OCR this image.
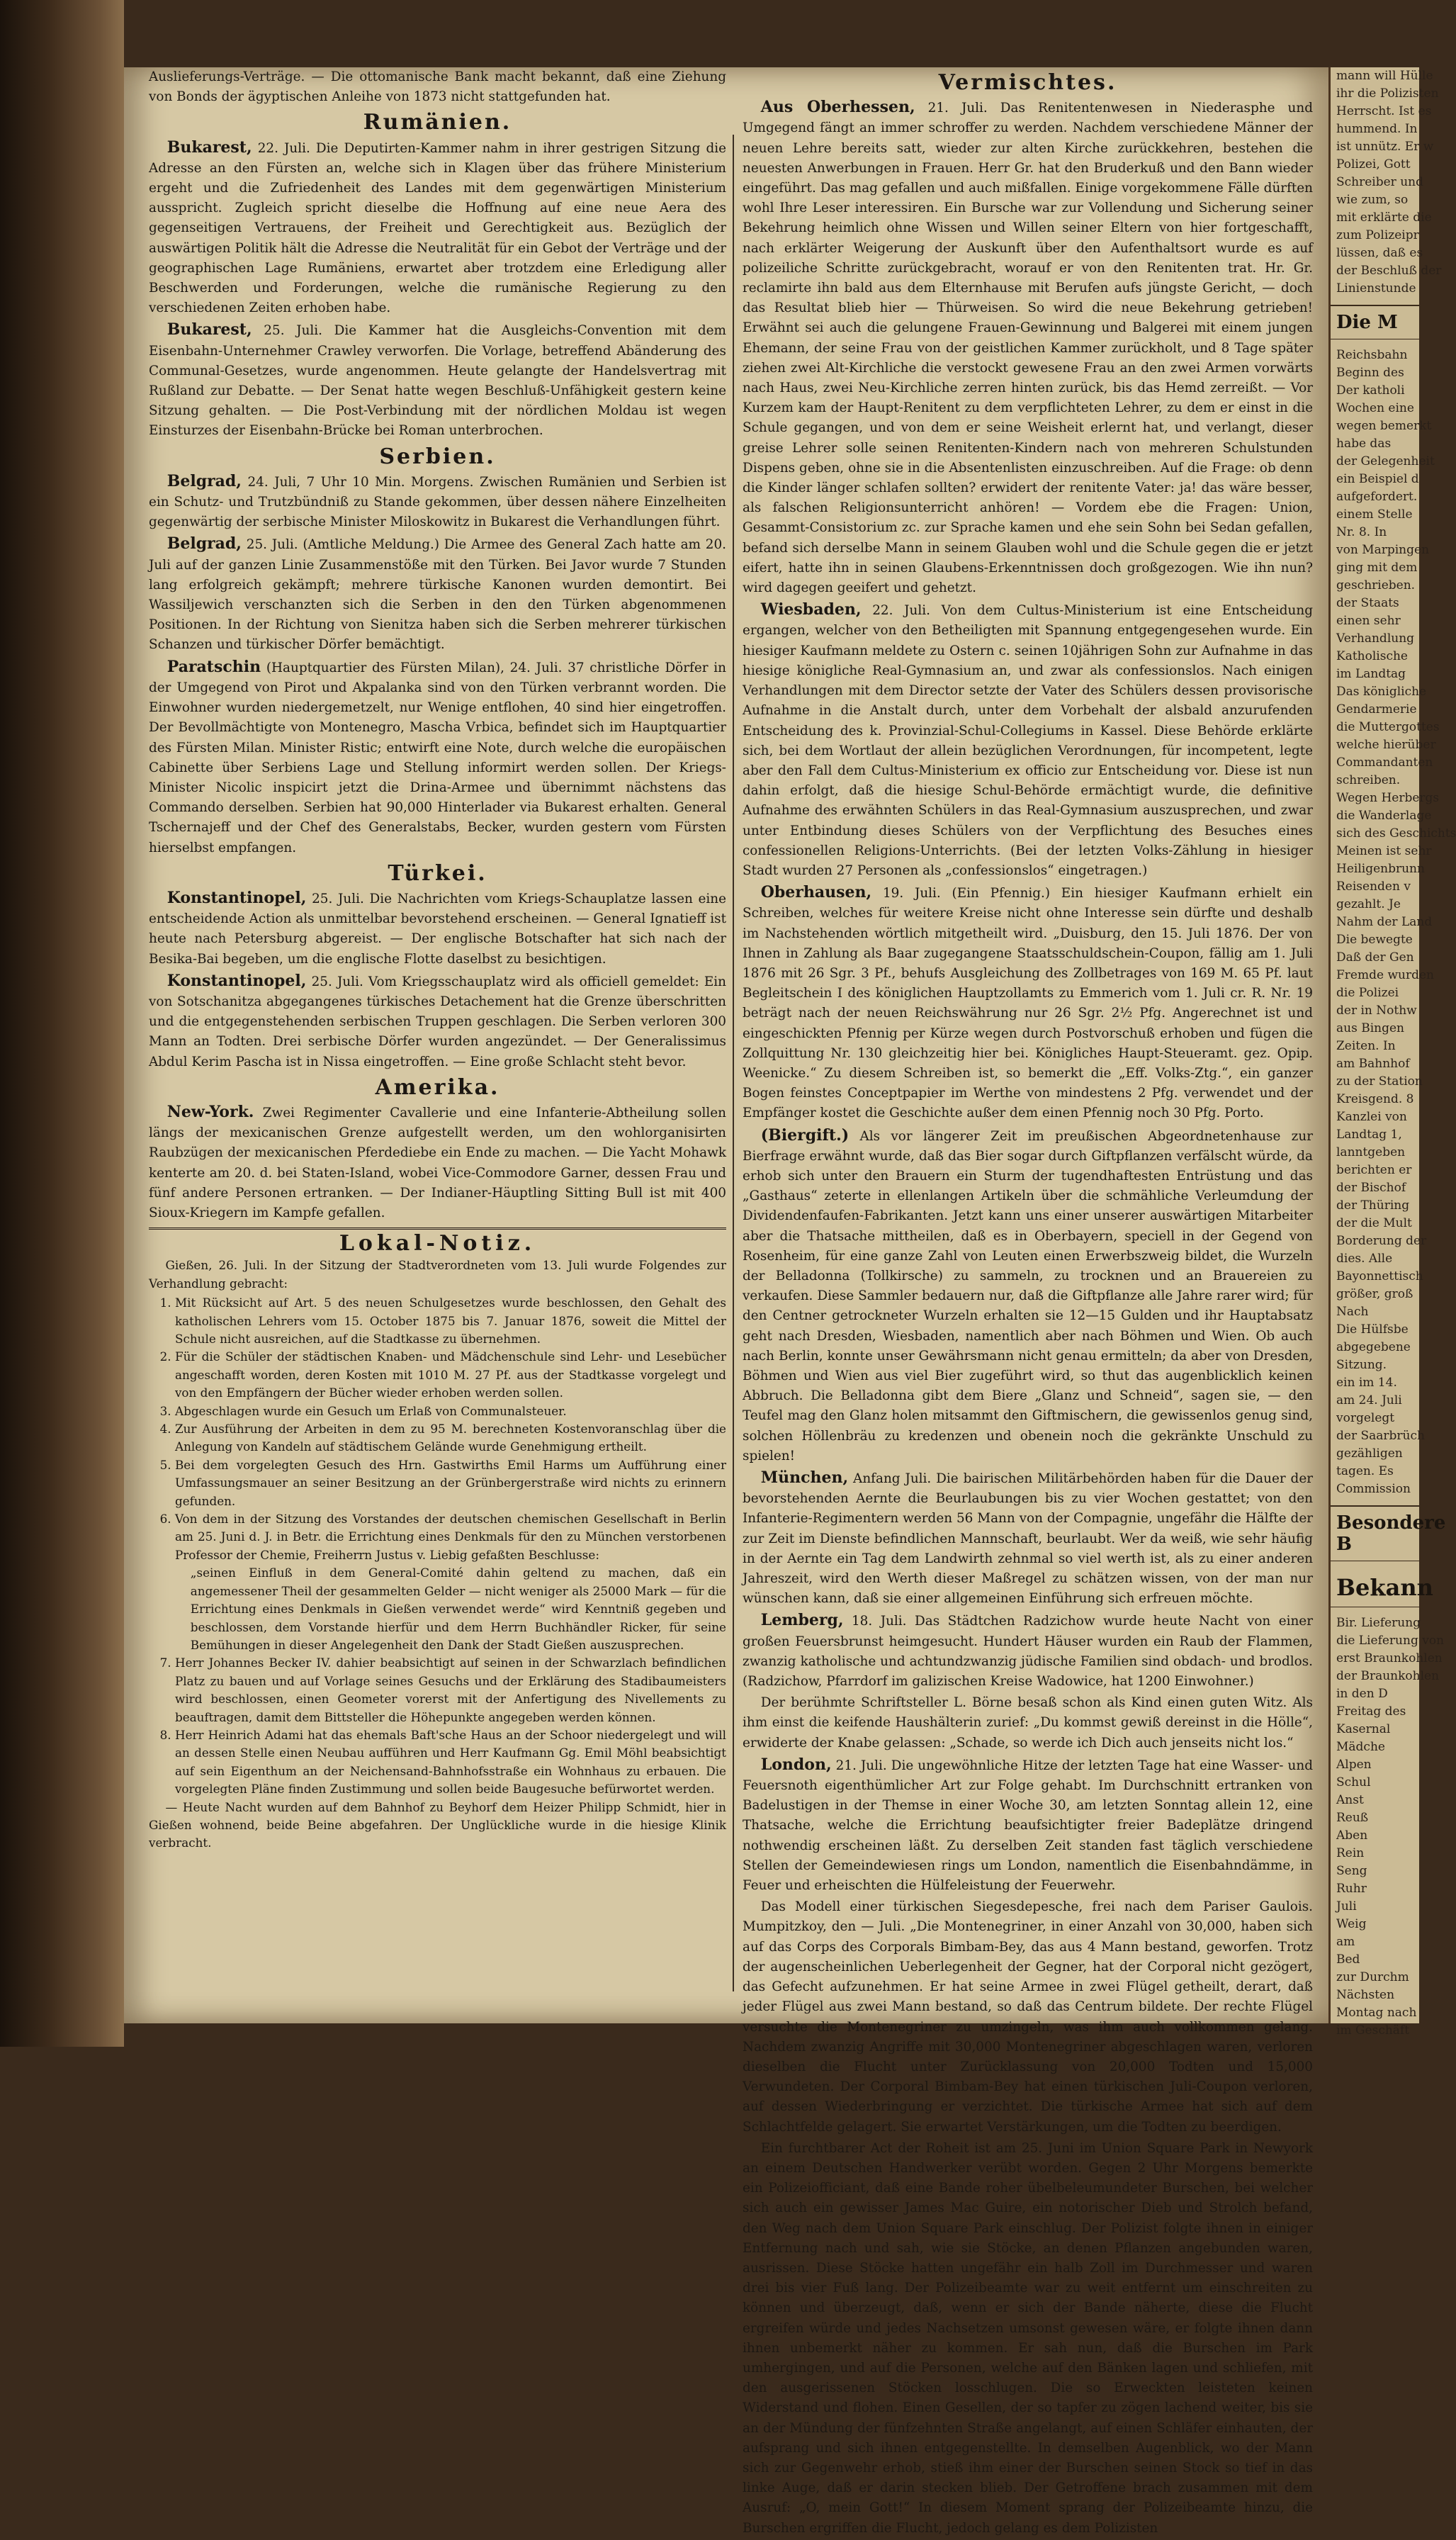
Auslieferungs-Verträge. — Die ottomanische Bank macht bekannt, daß eine Ziehung von Bonds der ägyptischen Anleihe von 1873 nicht stattgefunden hat.

Rumänien.

Bukarest, 22. Juli. Die Deputirten-Kammer nahm in ihrer gestrigen Sitzung die Adresse an den Fürsten an, welche sich in Klagen über das frühere Ministerium ergeht und die Zufriedenheit des Landes mit dem gegenwärtigen Ministerium ausspricht. Zugleich spricht dieselbe die Hoffnung auf eine neue Aera des gegenseitigen Vertrauens, der Freiheit und Gerechtigkeit aus. Bezüglich der auswärtigen Politik hält die Adresse die Neutralität für ein Gebot der Verträge und der geographischen Lage Rumäniens, erwartet aber trotzdem eine Erledigung aller Beschwerden und Forderungen, welche die rumänische Regierung zu den verschiedenen Zeiten erhoben habe.

Bukarest, 25. Juli. Die Kammer hat die Ausgleichs-Convention mit dem Eisenbahn-Unternehmer Crawley verworfen. Die Vorlage, betreffend Abänderung des Communal-Gesetzes, wurde angenommen. Heute gelangte der Handelsvertrag mit Rußland zur Debatte. — Der Senat hatte wegen Beschluß-Unfähigkeit gestern keine Sitzung gehalten. — Die Post-Verbindung mit der nördlichen Moldau ist wegen Einsturzes der Eisenbahn-Brücke bei Roman unterbrochen.

Serbien.

Belgrad, 24. Juli, 7 Uhr 10 Min. Morgens. Zwischen Rumänien und Serbien ist ein Schutz- und Trutzbündniß zu Stande gekommen, über dessen nähere Einzelheiten gegenwärtig der serbische Minister Miloskowitz in Bukarest die Verhandlungen führt.

Belgrad, 25. Juli. (Amtliche Meldung.) Die Armee des General Zach hatte am 20. Juli auf der ganzen Linie Zusammenstöße mit den Türken. Bei Javor wurde 7 Stunden lang erfolgreich gekämpft; mehrere türkische Kanonen wurden demontirt. Bei Wassiljewich verschanzten sich die Serben in den den Türken abgenommenen Positionen. In der Richtung von Sienitza haben sich die Serben mehrerer türkischen Schanzen und türkischer Dörfer bemächtigt.

Paratschin (Hauptquartier des Fürsten Milan), 24. Juli. 37 christliche Dörfer in der Umgegend von Pirot und Akpalanka sind von den Türken verbrannt worden. Die Einwohner wurden niedergemetzelt, nur Wenige entflohen, 40 sind hier eingetroffen. Der Bevollmächtigte von Montenegro, Mascha Vrbica, befindet sich im Hauptquartier des Fürsten Milan. Minister Ristic; entwirft eine Note, durch welche die europäischen Cabinette über Serbiens Lage und Stellung informirt werden sollen. Der Kriegs-Minister Nicolic inspicirt jetzt die Drina-Armee und übernimmt nächstens das Commando derselben. Serbien hat 90,000 Hinterlader via Bukarest erhalten. General Tschernajeff und der Chef des Generalstabs, Becker, wurden gestern vom Fürsten hierselbst empfangen.

Türkei.

Konstantinopel, 25. Juli. Die Nachrichten vom Kriegs-Schauplatze lassen eine entscheidende Action als unmittelbar bevorstehend erscheinen. — General Ignatieff ist heute nach Petersburg abgereist. — Der englische Botschafter hat sich nach der Besika-Bai begeben, um die englische Flotte daselbst zu besichtigen.

Konstantinopel, 25. Juli. Vom Kriegsschauplatz wird als officiell gemeldet: Ein von Sotschanitza abgegangenes türkisches Detachement hat die Grenze überschritten und die entgegenstehenden serbischen Truppen geschlagen. Die Serben verloren 300 Mann an Todten. Drei serbische Dörfer wurden angezündet. — Der Generalissimus Abdul Kerim Pascha ist in Nissa eingetroffen. — Eine große Schlacht steht bevor.

Amerika.

New-York. Zwei Regimenter Cavallerie und eine Infanterie-Abtheilung sollen längs der mexicanischen Grenze aufgestellt werden, um den wohlorganisirten Raubzügen der mexicanischen Pferdediebe ein Ende zu machen. — Die Yacht Mohawk kenterte am 20. d. bei Staten-Island, wobei Vice-Commodore Garner, dessen Frau und fünf andere Personen ertranken. — Der Indianer-Häuptling Sitting Bull ist mit 400 Sioux-Kriegern im Kampfe gefallen.

Lokal-Notiz.

Gießen, 26. Juli. In der Sitzung der Stadtverordneten vom 13. Juli wurde Folgendes zur Verhandlung gebracht:

1. Mit Rücksicht auf Art. 5 des neuen Schulgesetzes wurde beschlossen, den Gehalt des katholischen Lehrers vom 15. October 1875 bis 7. Januar 1876, soweit die Mittel der Schule nicht ausreichen, auf die Stadtkasse zu übernehmen.
2. Für die Schüler der städtischen Knaben- und Mädchenschule sind Lehr- und Lesebücher angeschafft worden, deren Kosten mit 1010 M. 27 Pf. aus der Stadtkasse vorgelegt und von den Empfängern der Bücher wieder erhoben werden sollen.
3. Abgeschlagen wurde ein Gesuch um Erlaß von Communalsteuer.
4. Zur Ausführung der Arbeiten in dem zu 95 M. berechneten Kostenvoranschlag über die Anlegung von Kandeln auf städtischem Gelände wurde Genehmigung ertheilt.
5. Bei dem vorgelegten Gesuch des Hrn. Gastwirths Emil Harms um Aufführung einer Umfassungsmauer an seiner Besitzung an der Grünbergerstraße wird nichts zu erinnern gefunden.
6. Von dem in der Sitzung des Vorstandes der deutschen chemischen Gesellschaft in Berlin am 25. Juni d. J. in Betr. die Errichtung eines Denkmals für den zu München verstorbenen Professor der Chemie, Freiherrn Justus v. Liebig gefaßten Beschlusse:
„seinen Einfluß in dem General-Comité dahin geltend zu machen, daß ein angemessener Theil der gesammelten Gelder — nicht weniger als 25000 Mark — für die Errichtung eines Denkmals in Gießen verwendet werde“ wird Kenntniß gegeben und beschlossen, dem Vorstande hierfür und dem Herrn Buchhändler Ricker, für seine Bemühungen in dieser Angelegenheit den Dank der Stadt Gießen auszusprechen.
7. Herr Johannes Becker IV. dahier beabsichtigt auf seinen in der Schwarzlach befindlichen Platz zu bauen und auf Vorlage seines Gesuchs und der Erklärung des Stadibaumeisters wird beschlossen, einen Geometer vorerst mit der Anfertigung des Nivellements zu beauftragen, damit dem Bittsteller die Höhepunkte angegeben werden können.
8. Herr Heinrich Adami hat das ehemals Baft'sche Haus an der Schoor niedergelegt und will an dessen Stelle einen Neubau aufführen und Herr Kaufmann Gg. Emil Möhl beabsichtigt auf sein Eigenthum an der Neichensand-Bahnhofsstraße ein Wohnhaus zu erbauen. Die vorgelegten Pläne finden Zustimmung und sollen beide Baugesuche befürwortet werden.

— Heute Nacht wurden auf dem Bahnhof zu Beyhorf dem Heizer Philipp Schmidt, hier in Gießen wohnend, beide Beine abgefahren. Der Unglückliche wurde in die hiesige Klinik verbracht.

Vermischtes.

Aus Oberhessen, 21. Juli. Das Renitentenwesen in Niederasphe und Umgegend fängt an immer schroffer zu werden. Nachdem verschiedene Männer der neuen Lehre bereits satt, wieder zur alten Kirche zurückkehren, bestehen die neuesten Anwerbungen in Frauen. Herr Gr. hat den Bruderkuß und den Bann wieder eingeführt. Das mag gefallen und auch mißfallen. Einige vorgekommene Fälle dürften wohl Ihre Leser interessiren. Ein Bursche war zur Vollendung und Sicherung seiner Bekehrung heimlich ohne Wissen und Willen seiner Eltern von hier fortgeschafft, nach erklärter Weigerung der Auskunft über den Aufenthaltsort wurde es auf polizeiliche Schritte zurückgebracht, worauf er von den Renitenten trat. Hr. Gr. reclamirte ihn bald aus dem Elternhause mit Berufen aufs jüngste Gericht, — doch das Resultat blieb hier — Thürweisen. So wird die neue Bekehrung getrieben! Erwähnt sei auch die gelungene Frauen-Gewinnung und Balgerei mit einem jungen Ehemann, der seine Frau von der geistlichen Kammer zurückholt, und 8 Tage später ziehen zwei Alt-Kirchliche die verstockt gewesene Frau an den zwei Armen vorwärts nach Haus, zwei Neu-Kirchliche zerren hinten zurück, bis das Hemd zerreißt. — Vor Kurzem kam der Haupt-Renitent zu dem verpflichteten Lehrer, zu dem er einst in die Schule gegangen, und von dem er seine Weisheit erlernt hat, und verlangt, dieser greise Lehrer solle seinen Renitenten-Kindern nach von mehreren Schulstunden Dispens geben, ohne sie in die Absentenlisten einzuschreiben. Auf die Frage: ob denn die Kinder länger schlafen sollten? erwidert der renitente Vater: ja! das wäre besser, als falschen Religionsunterricht anhören! — Vordem ebe die Fragen: Union, Gesammt-Consistorium zc. zur Sprache kamen und ehe sein Sohn bei Sedan gefallen, befand sich derselbe Mann in seinem Glauben wohl und die Schule gegen die er jetzt eifert, hatte ihn in seinen Glaubens-Erkenntnissen doch großgezogen. Wie ihn nun? wird dagegen geeifert und gehetzt.

Wiesbaden, 22. Juli. Von dem Cultus-Ministerium ist eine Entscheidung ergangen, welcher von den Betheiligten mit Spannung entgegengesehen wurde. Ein hiesiger Kaufmann meldete zu Ostern c. seinen 10jährigen Sohn zur Aufnahme in das hiesige königliche Real-Gymnasium an, und zwar als confessionslos. Nach einigen Verhandlungen mit dem Director setzte der Vater des Schülers dessen provisorische Aufnahme in die Anstalt durch, unter dem Vorbehalt der alsbald anzurufenden Entscheidung des k. Provinzial-Schul-Collegiums in Kassel. Diese Behörde erklärte sich, bei dem Wortlaut der allein bezüglichen Verordnungen, für incompetent, legte aber den Fall dem Cultus-Ministerium ex officio zur Entscheidung vor. Diese ist nun dahin erfolgt, daß die hiesige Schul-Behörde ermächtigt wurde, die definitive Aufnahme des erwähnten Schülers in das Real-Gymnasium auszusprechen, und zwar unter Entbindung dieses Schülers von der Verpflichtung des Besuches eines confessionellen Religions-Unterrichts. (Bei der letzten Volks-Zählung in hiesiger Stadt wurden 27 Personen als „confessionslos“ eingetragen.)

Oberhausen, 19. Juli. (Ein Pfennig.) Ein hiesiger Kaufmann erhielt ein Schreiben, welches für weitere Kreise nicht ohne Interesse sein dürfte und deshalb im Nachstehenden wörtlich mitgetheilt wird. „Duisburg, den 15. Juli 1876. Der von Ihnen in Zahlung als Baar zugegangene Staatsschuldschein-Coupon, fällig am 1. Juli 1876 mit 26 Sgr. 3 Pf., behufs Ausgleichung des Zollbetrages von 169 M. 65 Pf. laut Begleitschein I des königlichen Hauptzollamts zu Emmerich vom 1. Juli cr. R. Nr. 19 beträgt nach der neuen Reichswährung nur 26 Sgr. 2½ Pfg. Angerechnet ist und eingeschickten Pfennig per Kürze wegen durch Postvorschuß erhoben und fügen die Zollquittung Nr. 130 gleichzeitig hier bei. Königliches Haupt-Steueramt. gez. Opip. Weenicke.“ Zu diesem Schreiben ist, so bemerkt die „Eff. Volks-Ztg.“, ein ganzer Bogen feinstes Conceptpapier im Werthe von mindestens 2 Pfg. verwendet und der Empfänger kostet die Geschichte außer dem einen Pfennig noch 30 Pfg. Porto.

(Biergift.) Als vor längerer Zeit im preußischen Abgeordnetenhause zur Bierfrage erwähnt wurde, daß das Bier sogar durch Giftpflanzen verfälscht würde, da erhob sich unter den Brauern ein Sturm der tugendhaftesten Entrüstung und das „Gasthaus“ zeterte in ellenlangen Artikeln über die schmähliche Verleumdung der Dividendenfaufen-Fabrikanten. Jetzt kann uns einer unserer auswärtigen Mitarbeiter aber die Thatsache mittheilen, daß es in Oberbayern, speciell in der Gegend von Rosenheim, für eine ganze Zahl von Leuten einen Erwerbszweig bildet, die Wurzeln der Belladonna (Tollkirsche) zu sammeln, zu trocknen und an Brauereien zu verkaufen. Diese Sammler bedauern nur, daß die Giftpflanze alle Jahre rarer wird; für den Centner getrockneter Wurzeln erhalten sie 12—15 Gulden und ihr Hauptabsatz geht nach Dresden, Wiesbaden, namentlich aber nach Böhmen und Wien. Ob auch nach Berlin, konnte unser Gewährsmann nicht genau ermitteln; da aber von Dresden, Böhmen und Wien aus viel Bier zugeführt wird, so thut das augenblicklich keinen Abbruch. Die Belladonna gibt dem Biere „Glanz und Schneid“, sagen sie, — den Teufel mag den Glanz holen mitsammt den Giftmischern, die gewissenlos genug sind, solchen Höllenbräu zu kredenzen und obenein noch die gekränkte Unschuld zu spielen!

München, Anfang Juli. Die bairischen Militärbehörden haben für die Dauer der bevorstehenden Aernte die Beurlaubungen bis zu vier Wochen gestattet; von den Infanterie-Regimentern werden 56 Mann von der Compagnie, ungefähr die Hälfte der zur Zeit im Dienste befindlichen Mannschaft, beurlaubt. Wer da weiß, wie sehr häufig in der Aernte ein Tag dem Landwirth zehnmal so viel werth ist, als zu einer anderen Jahreszeit, wird den Werth dieser Maßregel zu schätzen wissen, von der man nur wünschen kann, daß sie einer allgemeinen Einführung sich erfreuen möchte.

Lemberg, 18. Juli. Das Städtchen Radzichow wurde heute Nacht von einer großen Feuersbrunst heimgesucht. Hundert Häuser wurden ein Raub der Flammen, zwanzig katholische und achtundzwanzig jüdische Familien sind obdach- und brodlos. (Radzichow, Pfarrdorf im galizischen Kreise Wadowice, hat 1200 Einwohner.)

Der berühmte Schriftsteller L. Börne besaß schon als Kind einen guten Witz. Als ihm einst die keifende Haushälterin zurief: „Du kommst gewiß dereinst in die Hölle“, erwiderte der Knabe gelassen: „Schade, so werde ich Dich auch jenseits nicht los.“

London, 21. Juli. Die ungewöhnliche Hitze der letzten Tage hat eine Wasser- und Feuersnoth eigenthümlicher Art zur Folge gehabt. Im Durchschnitt ertranken von Badelustigen in der Themse in einer Woche 30, am letzten Sonntag allein 12, eine Thatsache, welche die Errichtung beaufsichtigter freier Badeplätze dringend nothwendig erscheinen läßt. Zu derselben Zeit standen fast täglich verschiedene Stellen der Gemeindewiesen rings um London, namentlich die Eisenbahndämme, in Feuer und erheischten die Hülfeleistung der Feuerwehr.

Das Modell einer türkischen Siegesdepesche, frei nach dem Pariser Gaulois. Mumpitzkoy, den — Juli. „Die Montenegriner, in einer Anzahl von 30,000, haben sich auf das Corps des Corporals Bimbam-Bey, das aus 4 Mann bestand, geworfen. Trotz der augenscheinlichen Ueberlegenheit der Gegner, hat der Corporal nicht gezögert, das Gefecht aufzunehmen. Er hat seine Armee in zwei Flügel getheilt, derart, daß jeder Flügel aus zwei Mann bestand, so daß das Centrum bildete. Der rechte Flügel versuchte die Montenegriner zu umzingeln, was ihm auch vollkommen gelang. Nachdem zwanzig Angriffe mit 30,000 Montenegriner abgeschlagen waren, verloren dieselben die Flucht unter Zurücklassung von 20,000 Todten und 15,000 Verwundeten. Der Corporal Bimbam-Bey hat einen türkischen Juli-Coupon verloren, auf dessen Wiederbringung er verzichtet. Die türkische Armee hat sich auf dem Schlachtfelde gelagert. Sie erwartet Verstärkungen, um die Todten zu beerdigen.

Ein furchtbarer Act der Roheit ist am 25. Juni im Union Square Park in Newyork an einem Deutschen Handwerker verübt worden. Gegen 2 Uhr Morgens bemerkte ein Polizeiofficiant, daß eine Bande roher übelbeleumundeter Burschen, bei welcher sich auch ein gewisser James Mac Guire, ein notorischer Dieb und Strolch befand, den Weg nach dem Union Square Park einschlug. Der Polizist folgte ihnen in einiger Entfernung nach und sah, wie sie Stöcke, an denen Pflanzen angebunden waren, ausrissen. Diese Stöcke hatten ungefähr ein halb Zoll im Durchmesser und waren drei bis vier Fuß lang. Der Polizeibeamte war zu weit entfernt um einschreiten zu können und überzeugt, daß, wenn er sich der Bande näherte, diese die Flucht ergreifen würde und jedes Nachsetzen umsonst gewesen wäre, er folgte ihnen dann ihnen unbemerkt näher zu kommen. Er sah nun, daß die Burschen im Park umhergingen, und auf die Personen, welche auf den Bänken lagen und schliefen, mit den ausgerissenen Stöcken losschlugen. Die so Erweckten leisteten keinen Widerstand und flohen. Einen Gesellen, der so tapfer zu zögen lachend weiter, bis sie an der Mündung der fünfzehnten Straße angelangt, auf einen Schläfer einhauten, der aufsprang und sich ihnen entgegenstellte. In demselben Augenblick, wo der Mann sich zur Gegenwehr erhob, stieß ihm einer der Burschen seinen Stock so tief in das linke Auge, daß er darin stecken blieb. Der Getroffene brach zusammen mit dem Ausruf: „O, mein Gott!“ In diesem Moment sprang der Polizeibeamte hinzu, die Burschen ergriffen die Flucht, jedoch gelang es dem Polizisten

mann will Hülle
ihr die Polizisten
Herrscht. Ist es
hummend. In
ist unnütz. Er w
Polizei, Gott
Schreiber und
wie zum, so
mit erklärte die
zum Polizeipr
lüssen, daß es
der Beschluß der
Linienstunde
Die M
Reichsbahn
Beginn des
Der katholi
Wochen eine
wegen bemerkt
habe das
der Gelegenheit
ein Beispiel d
aufgefordert.
einem Stelle
Nr. 8. In
von Marpingen
ging mit dem
geschrieben.
der Staats
einen sehr
Verhandlung
Katholische
im Landtag
Das königliche
Gendarmerie
die Muttergottes
welche hierüber
Commandanten
schreiben.
Wegen Herbergs
die Wanderlage
sich des Geschichts
Meinen ist sehr
Heiligenbrunn
Reisenden v
gezahlt. Je
Nahm der Land
Die bewegte
Daß der Gen
Fremde wurden
die Polizei
der in Nothw
aus Bingen
Zeiten. In
am Bahnhof
zu der Station
Kreisgend. 8
Kanzlei von
Landtag 1,
lanntgeben
berichten er
der Bischof
der Thüring
der die Mult
Borderung der
dies. Alle
Bayonnettisch
größer, groß
Nach
Die Hülfsbe
abgegebene
Sitzung.
ein im 14.
am 24. Juli
vorgelegt
der Saarbrüch
gezähligen
tagen. Es
Commission
Besondere B
Bekann
Bir. Lieferung
die Lieferung von
erst Braunkohlen
der Braunkohlen
in den D
Freitag des
Kasernal
Mädche
Alpen
Schul
Anst
Reuß
Aben
Rein
Seng
Ruhr
Juli
Weig
am
Bed
zur Durchm
Nächsten
Montag nach
im Geschäft
